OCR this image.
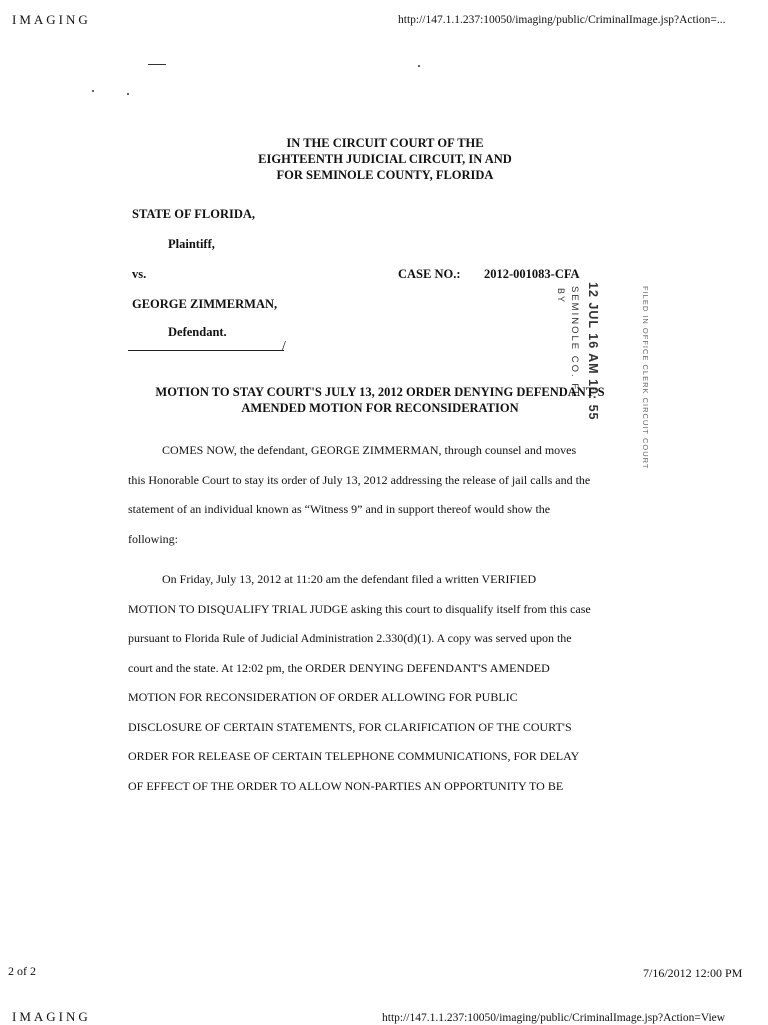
IMAGING	http://147.1.1.237:10050/imaging/public/CriminalImage.jsp?Action=...
IN THE CIRCUIT COURT OF THE
EIGHTEENTH JUDICIAL CIRCUIT, IN AND
FOR SEMINOLE COUNTY, FLORIDA
STATE OF FLORIDA,
Plaintiff,
vs.	CASE NO.: 2012-001083-CFA
GEORGE ZIMMERMAN,
Defendant.
/	12 JUL 16 AM 10: 55
SEMINOLE CO. FL
BY	FILED IN OFFICE CLERK CIRCUIT COURT
MOTION TO STAY COURT'S JULY 13, 2012 ORDER DENYING DEFENDANT'S
AMENDED MOTION FOR RECONSIDERATION
COMES NOW, the defendant, GEORGE ZIMMERMAN, through counsel and moves
this Honorable Court to stay its order of July 13, 2012 addressing the release of jail calls and the
statement of an individual known as “Witness 9” and in support thereof would show the
following:
On Friday, July 13, 2012 at 11:20 am the defendant filed a written VERIFIED
MOTION TO DISQUALIFY TRIAL JUDGE asking this court to disqualify itself from this case
pursuant to Florida Rule of Judicial Administration 2.330(d)(1). A copy was served upon the
court and the state. At 12:02 pm, the ORDER DENYING DEFENDANT'S AMENDED
MOTION FOR RECONSIDERATION OF ORDER ALLOWING FOR PUBLIC
DISCLOSURE OF CERTAIN STATEMENTS, FOR CLARIFICATION OF THE COURT'S
ORDER FOR RELEASE OF CERTAIN TELEPHONE COMMUNICATIONS, FOR DELAY
OF EFFECT OF THE ORDER TO ALLOW NON-PARTIES AN OPPORTUNITY TO BE
2 of 2	7/16/2012 12:00 PM
IMAGING	http://147.1.1.237:10050/imaging/public/CriminalImage.jsp?Action=View
